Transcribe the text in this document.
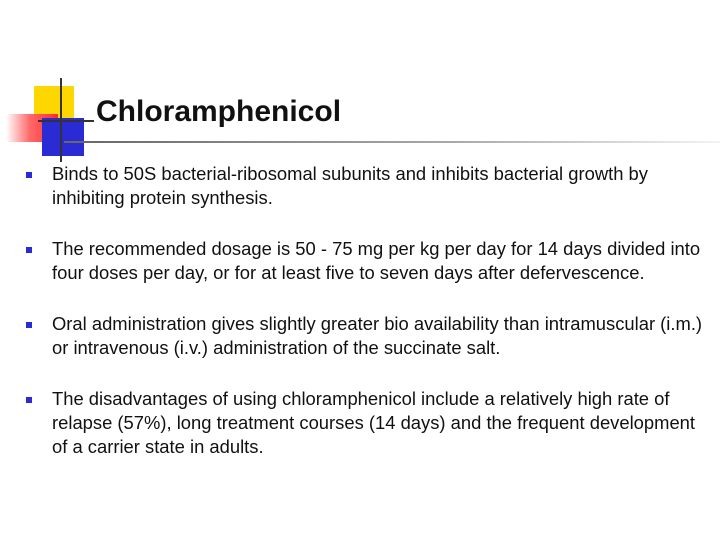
Chloramphenicol
Binds to 50S bacterial-ribosomal subunits and inhibits bacterial growth by inhibiting protein synthesis.
The recommended dosage is 50 - 75 mg per kg per day for 14 days divided into four doses per day, or for at least five to seven days after defervescence.
Oral administration gives slightly greater bio availability than intramuscular (i.m.) or intravenous (i.v.) administration of the succinate salt.
The disadvantages of using chloramphenicol include a relatively high rate of relapse (57%), long treatment courses (14 days) and the frequent development of a carrier state in adults.
